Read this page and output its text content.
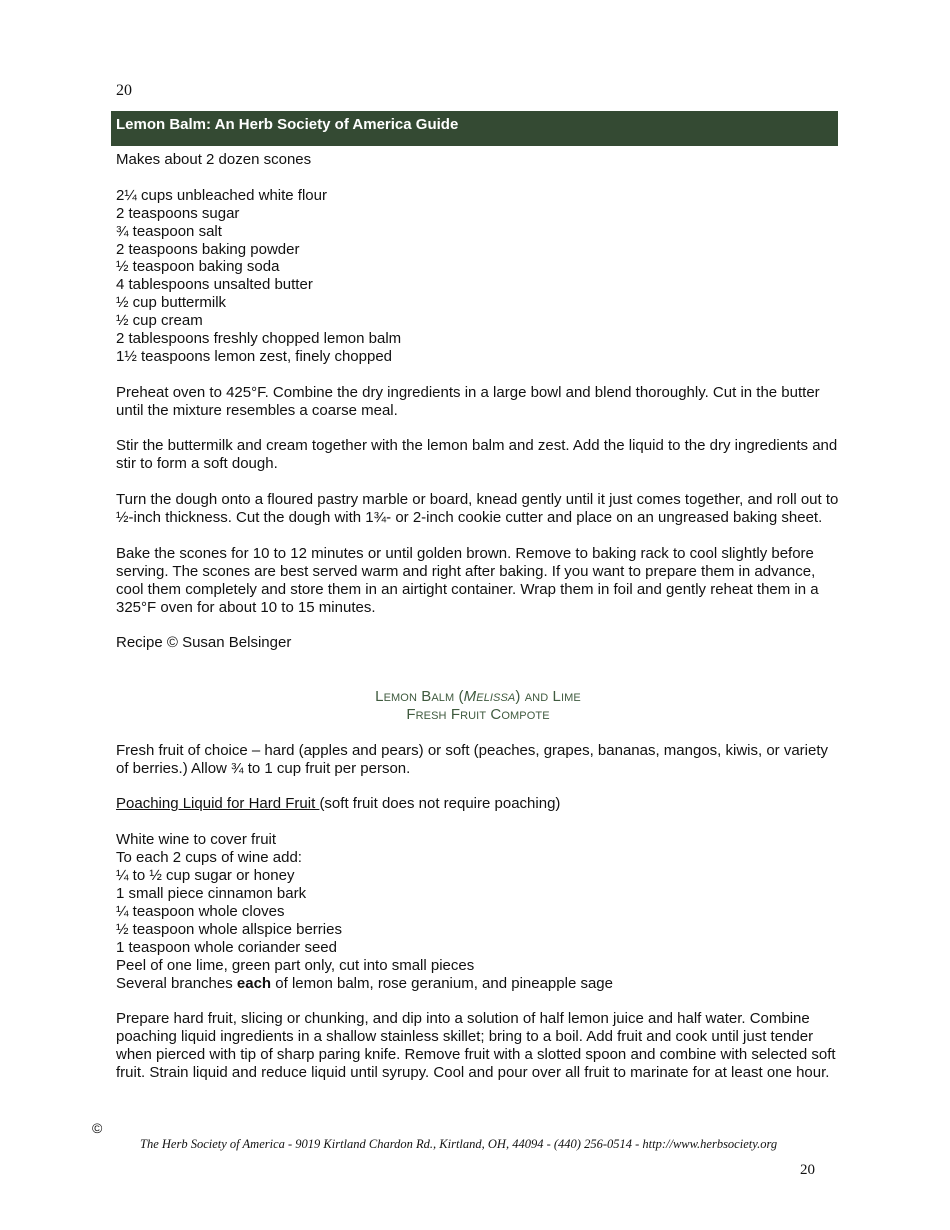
20
Lemon Balm: An Herb Society of America Guide

Makes about 2 dozen scones

2¼ cups unbleached white flour

2 teaspoons sugar

¾ teaspoon salt

2 teaspoons baking powder

½ teaspoon baking soda

4 tablespoons unsalted butter

½ cup buttermilk

½ cup cream

2 tablespoons freshly chopped lemon balm

1½ teaspoons lemon zest, finely chopped

Preheat oven to 425°F. Combine the dry ingredients in a large bowl and blend thoroughly. Cut in the butter until the mixture resembles a coarse meal.

Stir the buttermilk and cream together with the lemon balm and zest. Add the liquid to the dry ingredients and stir to form a soft dough.

Turn the dough onto a floured pastry marble or board, knead gently until it just comes together, and roll out to ½-inch thickness. Cut the dough with 1¾- or 2-inch cookie cutter and place on an ungreased baking sheet.

Bake the scones for 10 to 12 minutes or until golden brown. Remove to baking rack to cool slightly before serving. The scones are best served warm and right after baking. If you want to prepare them in advance, cool them completely and store them in an airtight container. Wrap them in foil and gently reheat them in a 325°F oven for about 10 to 15 minutes.

Recipe © Susan Belsinger

Lemon Balm (Melissa) and Lime
Fresh Fruit Compote

Fresh fruit of choice – hard (apples and pears) or soft (peaches, grapes, bananas, mangos, kiwis, or variety of berries.) Allow ¾ to 1 cup fruit per person.

Poaching Liquid for Hard Fruit (soft fruit does not require poaching)

White wine to cover fruit

To each 2 cups of wine add:

¼ to ½ cup sugar or honey

1 small piece cinnamon bark

¼ teaspoon whole cloves

½ teaspoon whole allspice berries

1 teaspoon whole coriander seed

Peel of one lime, green part only, cut into small pieces

Several branches each of lemon balm, rose geranium, and pineapple sage

Prepare hard fruit, slicing or chunking, and dip into a solution of half lemon juice and half water. Combine poaching liquid ingredients in a shallow stainless skillet; bring to a boil. Add fruit and cook until just tender when pierced with tip of sharp paring knife. Remove fruit with a slotted spoon and combine with selected soft fruit. Strain liquid and reduce liquid until syrupy. Cool and pour over all fruit to marinate for at least one hour.

©
The Herb Society of America - 9019 Kirtland Chardon Rd., Kirtland, OH, 44094 - (440) 256-0514 - http://www.herbsociety.org
20
